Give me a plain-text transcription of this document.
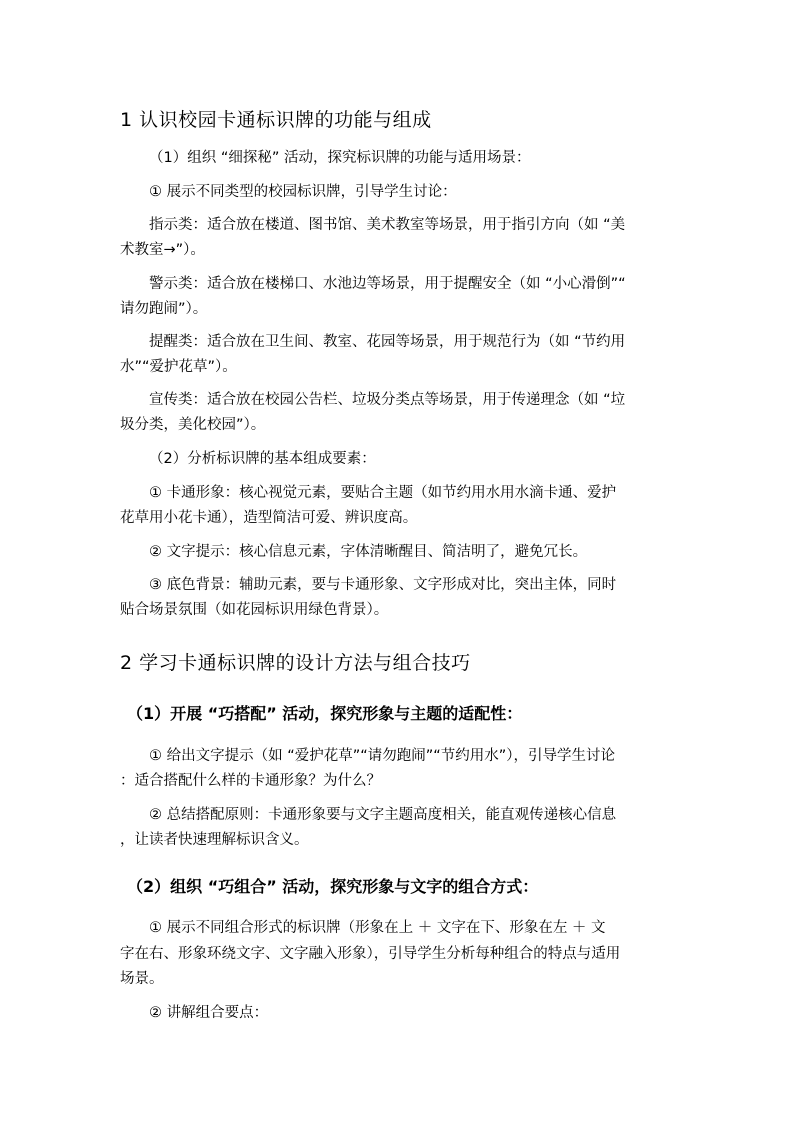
1 认识校园卡通标识牌的功能与组成
（1）组织 “细探秘” 活动，探究标识牌的功能与适用场景：
① 展示不同类型的校园标识牌，引导学生讨论：
指示类：适合放在楼道、图书馆、美术教室等场景，用于指引方向（如 “美
术教室→”）。
警示类：适合放在楼梯口、水池边等场景，用于提醒安全（如 “小心滑倒”“
请勿跑闹”）。
提醒类：适合放在卫生间、教室、花园等场景，用于规范行为（如 “节约用
水”“爱护花草”）。
宣传类：适合放在校园公告栏、垃圾分类点等场景，用于传递理念（如 “垃
圾分类，美化校园”）。
（2）分析标识牌的基本组成要素：
① 卡通形象：核心视觉元素，要贴合主题（如节约用水用水滴卡通、爱护
花草用小花卡通），造型简洁可爱、辨识度高。
② 文字提示：核心信息元素，字体清晰醒目、简洁明了，避免冗长。
③ 底色背景：辅助元素，要与卡通形象、文字形成对比，突出主体，同时
贴合场景氛围（如花园标识用绿色背景）。
2 学习卡通标识牌的设计方法与组合技巧
（1）开展 “巧搭配” 活动，探究形象与主题的适配性：
① 给出文字提示（如 “爱护花草”“请勿跑闹”“节约用水”），引导学生讨论
：适合搭配什么样的卡通形象？为什么？
② 总结搭配原则：卡通形象要与文字主题高度相关，能直观传递核心信息
，让读者快速理解标识含义。
（2）组织 “巧组合” 活动，探究形象与文字的组合方式：
① 展示不同组合形式的标识牌（形象在上 ＋ 文字在下、形象在左 ＋ 文
字在右、形象环绕文字、文字融入形象），引导学生分析每种组合的特点与适用
场景。
② 讲解组合要点：
